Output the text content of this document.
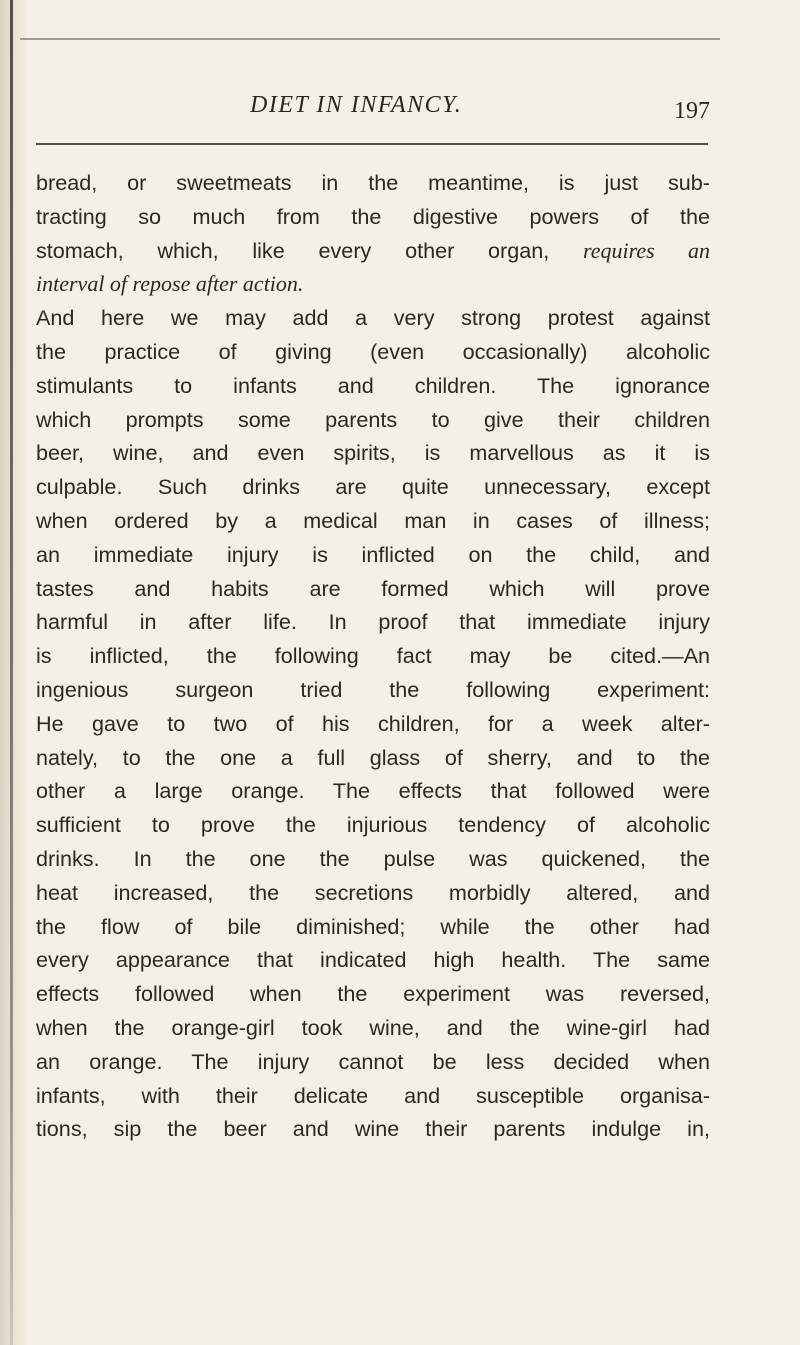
DIET IN INFANCY.	197
bread, or sweetmeats in the meantime, is just sub-
tracting so much from the digestive powers of the
stomach, which, like every other organ, requires an
interval of repose after action.
And here we may add a very strong protest against
the practice of giving (even occasionally) alcoholic
stimulants to infants and children. The ignorance
which prompts some parents to give their children
beer, wine, and even spirits, is marvellous as it is
culpable. Such drinks are quite unnecessary, except
when ordered by a medical man in cases of illness;
an immediate injury is inflicted on the child, and
tastes and habits are formed which will prove
harmful in after life. In proof that immediate injury
is inflicted, the following fact may be cited.—An
ingenious surgeon tried the following experiment:
He gave to two of his children, for a week alter-
nately, to the one a full glass of sherry, and to the
other a large orange. The effects that followed were
sufficient to prove the injurious tendency of alcoholic
drinks. In the one the pulse was quickened, the
heat increased, the secretions morbidly altered, and
the flow of bile diminished; while the other had
every appearance that indicated high health. The same
effects followed when the experiment was reversed,
when the orange-girl took wine, and the wine-girl had
an orange. The injury cannot be less decided when
infants, with their delicate and susceptible organisa-
tions, sip the beer and wine their parents indulge in,
